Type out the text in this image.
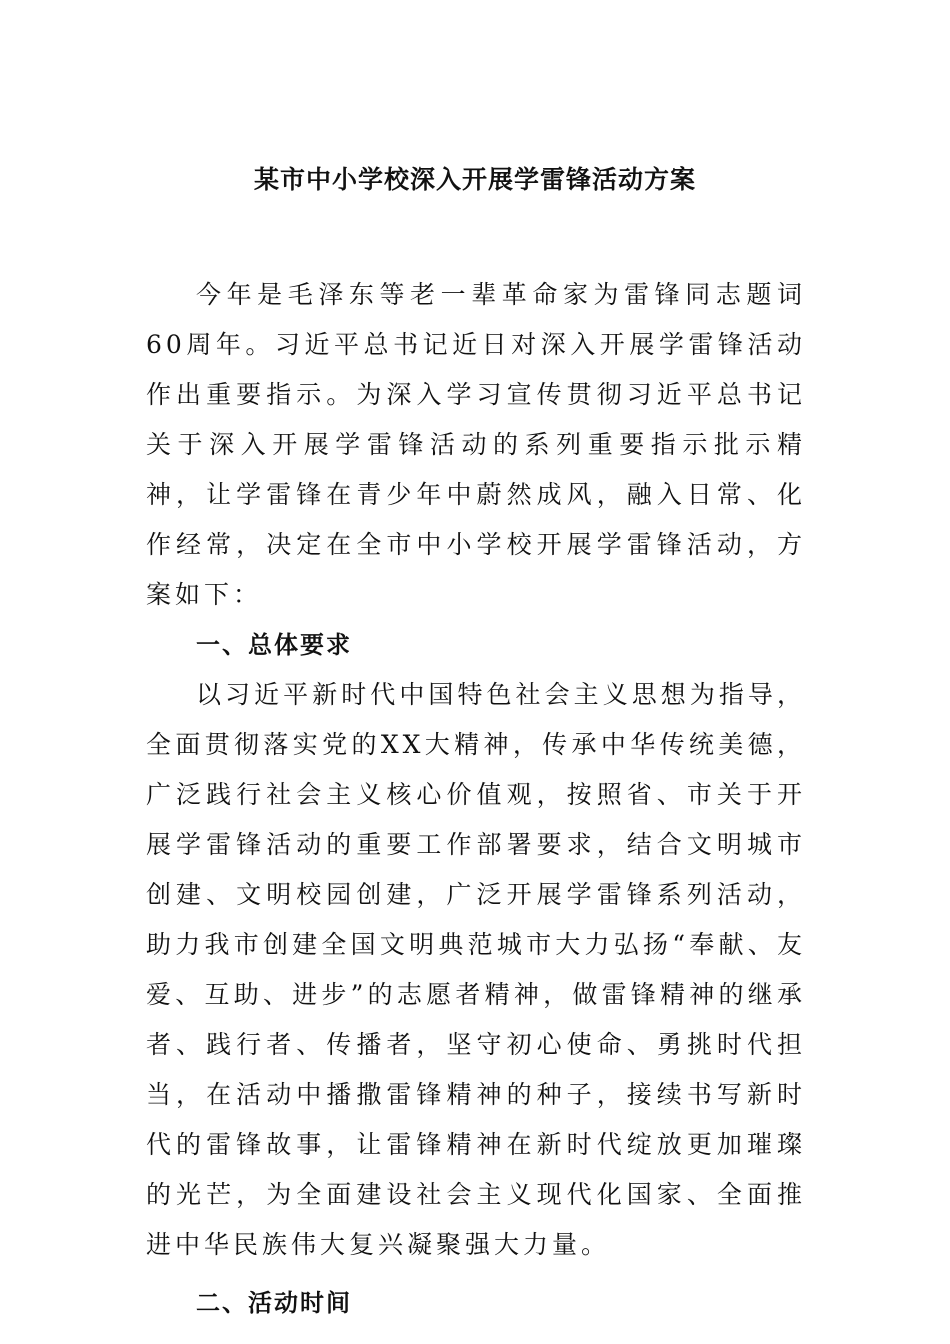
某市中小学校深入开展学雷锋活动方案

今年是毛泽东等老一辈革命家为雷锋同志题词60周年。习近平总书记近日对深入开展学雷锋活动作出重要指示。为深入学习宣传贯彻习近平总书记关于深入开展学雷锋活动的系列重要指示批示精神，让学雷锋在青少年中蔚然成风，融入日常、化作经常，决定在全市中小学校开展学雷锋活动，方案如下：

一、总体要求

以习近平新时代中国特色社会主义思想为指导，全面贯彻落实党的XX大精神，传承中华传统美德，广泛践行社会主义核心价值观，按照省、市关于开展学雷锋活动的重要工作部署要求，结合文明城市创建、文明校园创建，广泛开展学雷锋系列活动，助力我市创建全国文明典范城市大力弘扬“奉献、友爱、互助、进步”的志愿者精神，做雷锋精神的继承者、践行者、传播者，坚守初心使命、勇挑时代担当，在活动中播撒雷锋精神的种子，接续书写新时代的雷锋故事，让雷锋精神在新时代绽放更加璀璨的光芒，为全面建设社会主义现代化国家、全面推进中华民族伟大复兴凝聚强大力量。

二、活动时间
